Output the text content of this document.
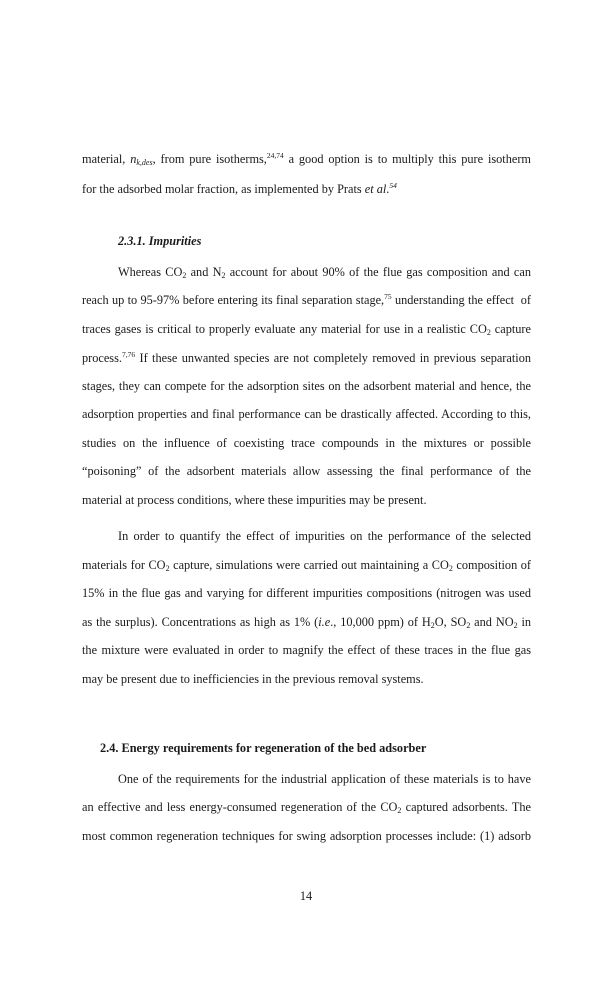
material, $n_{k,des}$, from pure isotherms,$^{24,74}$ a good option is to multiply this pure isotherm
for the adsorbed molar fraction, as implemented by Prats et al.$^{54}$
2.3.1. Impurities
Whereas $CO_2$ and $N_2$ account for about 90% of the flue gas composition and can
reach up to 95-97% before entering its final separation stage,$^{75}$ understanding the effect  of
traces gases is critical to properly evaluate any material for use in a realistic $CO_2$ capture
process.$^{7,76}$ If these unwanted species are not completely removed in previous separation
stages, they can compete for the adsorption sites on the adsorbent material and hence, the
adsorption properties and final performance can be drastically affected. According to this,
studies on the influence of coexisting trace compounds in the mixtures or possible
“poisoning” of the adsorbent materials allow assessing the final performance of the
material at process conditions, where these impurities may be present.
In order to quantify the effect of impurities on the performance of the selected
materials for $CO_2$ capture, simulations were carried out maintaining a $CO_2$ composition of
15% in the flue gas and varying for different impurities compositions (nitrogen was used
as the surplus). Concentrations as high as 1% (i.e., 10,000 ppm) of $H_2O$, $SO_2$ and $NO_2$ in
the mixture were evaluated in order to magnify the effect of these traces in the flue gas
may be present due to inefficiencies in the previous removal systems.
2.4. Energy requirements for regeneration of the bed adsorber
One of the requirements for the industrial application of these materials is to have
an effective and less energy-consumed regeneration of the $CO_2$ captured adsorbents. The
most common regeneration techniques for swing adsorption processes include: (1) adsorb
14
